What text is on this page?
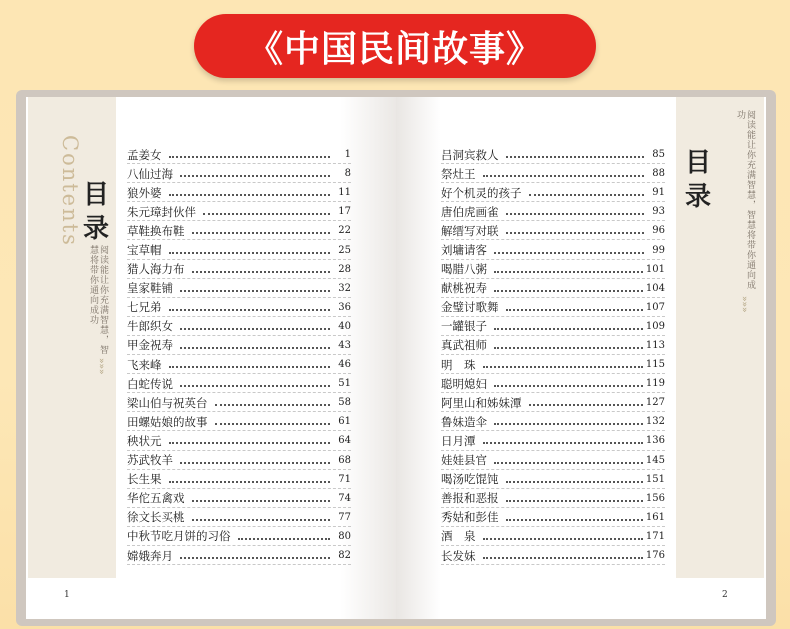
《中国民间故事》
Contents 目录
阅读能让你充满智慧，智慧将带你通向成功
»»»
目录	阅读能让你充满智慧，智慧将带你通向成功
»»»
孟姜女	1
八仙过海	8
狼外婆	11
朱元璋封伙伴	17
草鞋换布鞋	22
宝草帽	25
猎人海力布	28
皇家鞋铺	32
七兄弟	36
牛郎织女	40
甲金祝寿	43
飞来峰	46
白蛇传说	51
梁山伯与祝英台	58
田螺姑娘的故事	61
秧状元	64
苏武牧羊	68
长生果	71
华佗五禽戏	74
徐文长买桃	77
中秋节吃月饼的习俗	80
嫦娥奔月	82
吕洞宾救人	85
祭灶王	88
好个机灵的孩子	91
唐伯虎画雀	93
解缙写对联	96
刘墉请客	99
喝腊八粥	101
献桃祝寿	104
金璧讨歌舞	107
一罐银子	109
真武祖师	113
明　珠	115
聪明媳妇	119
阿里山和姊妹潭	127
鲁妹造伞	132
日月潭	136
娃娃县官	145
喝汤吃馄饨	151
善报和恶报	156
秀姑和彭佳	161
酒　泉	171
长发妹	176
1	2
